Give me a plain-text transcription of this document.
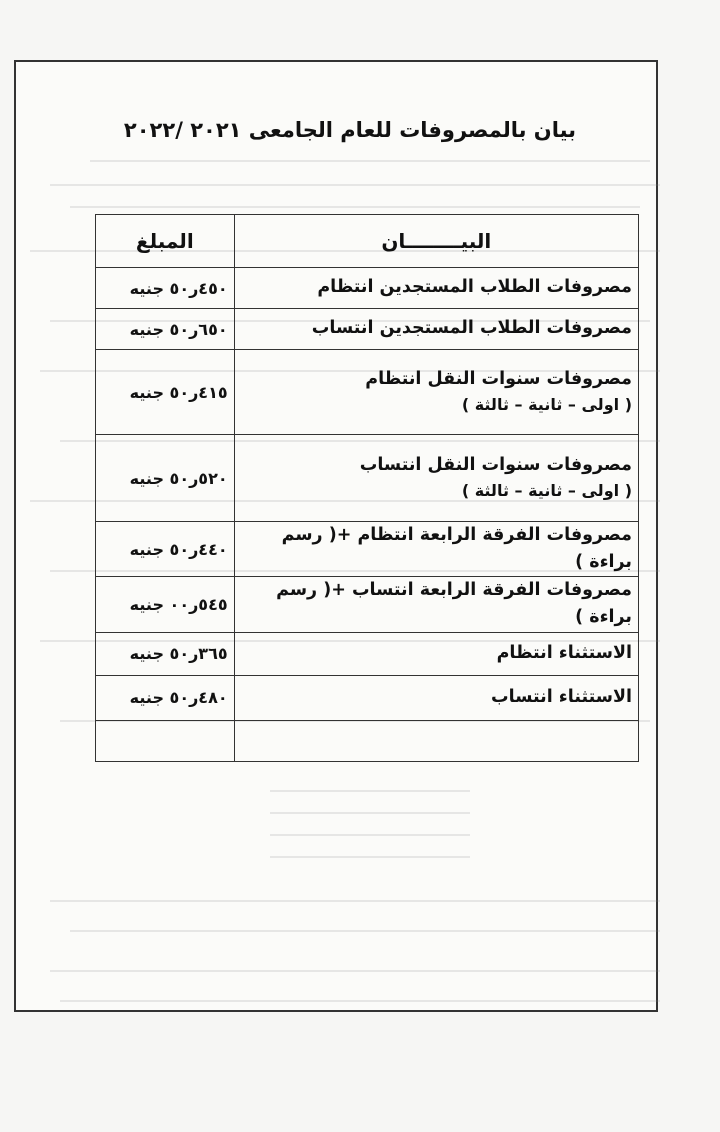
بيان بالمصروفات للعام الجامعى ٢٠٢١ /٢٠٢٢
البيــــــــان	المبلغ

مصروفات الطلاب المستجدين انتظام	٤٥٠ر٥٠ جنيه

مصروفات الطلاب المستجدين انتساب	٦٥٠ر٥٠ جنيه

مصروفات سنوات النقل انتظام
( اولى – ثانية – ثالثة )	٤١٥ر٥٠ جنيه

مصروفات سنوات النقل انتساب
( اولى – ثانية – ثالثة )	٥٢٠ر٥٠ جنيه

مصروفات الفرقة الرابعة انتظام +( رسم براءة )	٤٤٠ر٥٠ جنيه

مصروفات الفرقة الرابعة انتساب +( رسم براءة )	٥٤٥ر٠٠ جنيه

الاستثناء انتظام	٣٦٥ر٥٠ جنيه

الاستثناء انتساب	٤٨٠ر٥٠ جنيه
